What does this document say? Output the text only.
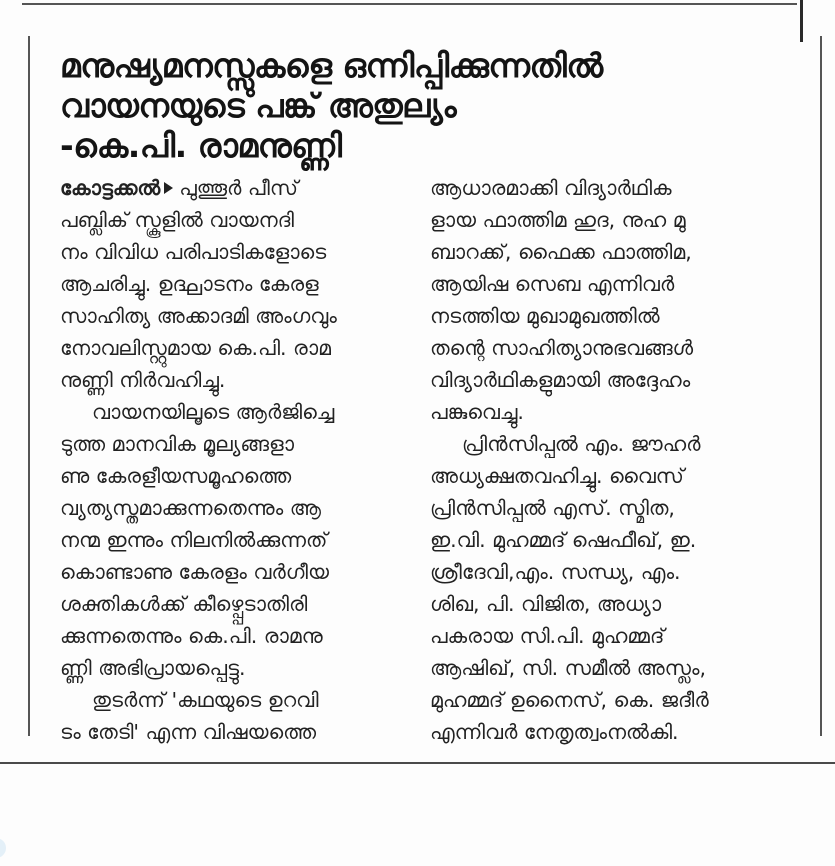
മനുഷ്യമനസ്സുകളെ ഒന്നിപ്പിക്കുന്നതിൽ
വായനയുടെ പങ്ക് അതുല്യം
-കെ.പി. രാമനുണ്ണി
കോട്ടക്കൽ പുത്തൂർ പീസ്
പബ്ലിക് സ്കൂളിൽ വായനദി
നം വിവിധ പരിപാടികളോടെ
ആചരിച്ചു. ഉദ്ഘാടനം കേരള
സാഹിത്യ അക്കാദമി അംഗവും
നോവലിസ്റ്റുമായ കെ.പി. രാമ
നുണ്ണി നിർവഹിച്ചു.
വായനയിലൂടെ ആർജിച്ചെ
ടുത്ത മാനവിക മൂല്യങ്ങളാ
ണു കേരളീയസമൂഹത്തെ
വ്യത്യസ്തമാക്കുന്നതെന്നും ആ
നന്മ ഇന്നും നിലനിൽക്കുന്നത്
കൊണ്ടാണു കേരളം വർഗീയ
ശക്തികൾക്ക് കീഴ്പ്പെടാതിരി
ക്കുന്നതെന്നും കെ.പി. രാമനു
ണ്ണി അഭിപ്രായപ്പെട്ടു.
തുടർന്ന് 'കഥയുടെ ഉറവി
ടം തേടി' എന്ന വിഷയത്തെ
ആധാരമാക്കി വിദ്യാർഥിക
ളായ ഫാത്തിമ ഹുദ, നുഹ മു
ബാറക്ക്, ഫൈക്ക ഫാത്തിമ,
ആയിഷ സെബ എന്നിവർ
നടത്തിയ മുഖാമുഖത്തിൽ
തന്റെ സാഹിത്യാനുഭവങ്ങൾ
വിദ്യാർഥികളുമായി അദ്ദേഹം
പങ്കുവെച്ചു.
പ്രിൻസിപ്പൽ എം. ജൗഹർ
അധ്യക്ഷതവഹിച്ചു. വൈസ്
പ്രിൻസിപ്പൽ എസ്. സ്മിത,
ഇ.വി. മുഹമ്മദ് ഷെഫീഖ്, ഇ.
ശ്രീദേവി,എം. സന്ധ്യ, എം.
ശിഖ, പി. വിജിത, അധ്യാ
പകരായ സി.പി. മുഹമ്മദ്
ആഷിഖ്, സി. സമീൽ അസ്ലം,
മുഹമ്മദ് ഉനൈസ്, കെ. ജദീർ
എന്നിവർ നേതൃത്വംനൽകി.
